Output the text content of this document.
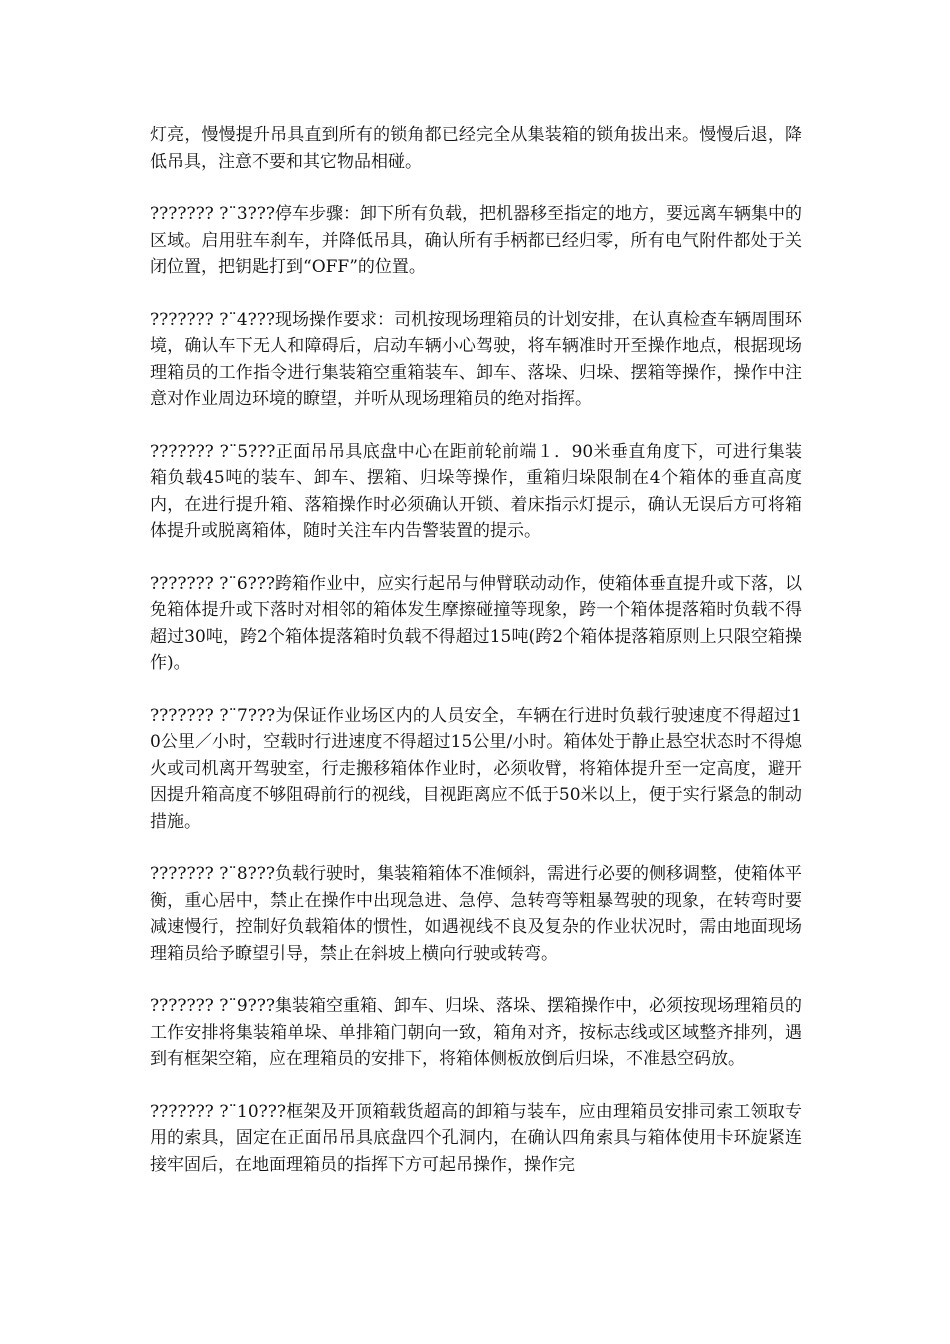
灯亮，慢慢提升吊具直到所有的锁角都已经完全从集装箱的锁角拔出来。慢慢后退，降低吊具，注意不要和其它物品相碰。

??????? ?¨3???停车步骤：卸下所有负载，把机器移至指定的地方，要远离车辆集中的区域。启用驻车刹车，并降低吊具，确认所有手柄都已经归零，所有电气附件都处于关闭位置，把钥匙打到“OFF”的位置。

??????? ?¨4???现场操作要求：司机按现场理箱员的计划安排，在认真检查车辆周围环境，确认车下无人和障碍后，启动车辆小心驾驶，将车辆准时开至操作地点，根据现场理箱员的工作指令进行集装箱空重箱装车、卸车、落垛、归垛、摆箱等操作，操作中注意对作业周边环境的瞭望，并听从现场理箱员的绝对指挥。

??????? ?¨5???正面吊吊具底盘中心在距前轮前端１．90米垂直角度下，可进行集装箱负载45吨的装车、卸车、摆箱、归垛等操作，重箱归垛限制在4个箱体的垂直高度内，在进行提升箱、落箱操作时必须确认开锁、着床指示灯提示，确认无误后方可将箱体提升或脱离箱体，随时关注车内告警装置的提示。

??????? ?¨6???跨箱作业中，应实行起吊与伸臂联动动作，使箱体垂直提升或下落，以免箱体提升或下落时对相邻的箱体发生摩擦碰撞等现象，跨一个箱体提落箱时负载不得超过30吨，跨2个箱体提落箱时负载不得超过15吨(跨2个箱体提落箱原则上只限空箱操作)。

??????? ?¨7???为保证作业场区内的人员安全，车辆在行进时负载行驶速度不得超过10公里／小时，空载时行进速度不得超过15公里/小时。箱体处于静止悬空状态时不得熄火或司机离开驾驶室，行走搬移箱体作业时，必须收臂，将箱体提升至一定高度，避开因提升箱高度不够阻碍前行的视线，目视距离应不低于50米以上，便于实行紧急的制动措施。

??????? ?¨8???负载行驶时，集装箱箱体不准倾斜，需进行必要的侧移调整，使箱体平衡，重心居中，禁止在操作中出现急进、急停、急转弯等粗暴驾驶的现象，在转弯时要减速慢行，控制好负载箱体的惯性，如遇视线不良及复杂的作业状况时，需由地面现场理箱员给予瞭望引导，禁止在斜坡上横向行驶或转弯。

??????? ?¨9???集装箱空重箱、卸车、归垛、落垛、摆箱操作中，必须按现场理箱员的工作安排将集装箱单垛、单排箱门朝向一致，箱角对齐，按标志线或区域整齐排列，遇到有框架空箱，应在理箱员的安排下，将箱体侧板放倒后归垛，不准悬空码放。

??????? ?¨10???框架及开顶箱载货超高的卸箱与装车，应由理箱员安排司索工领取专用的索具，固定在正面吊吊具底盘四个孔洞内，在确认四角索具与箱体使用卡环旋紧连接牢固后，在地面理箱员的指挥下方可起吊操作，操作完
